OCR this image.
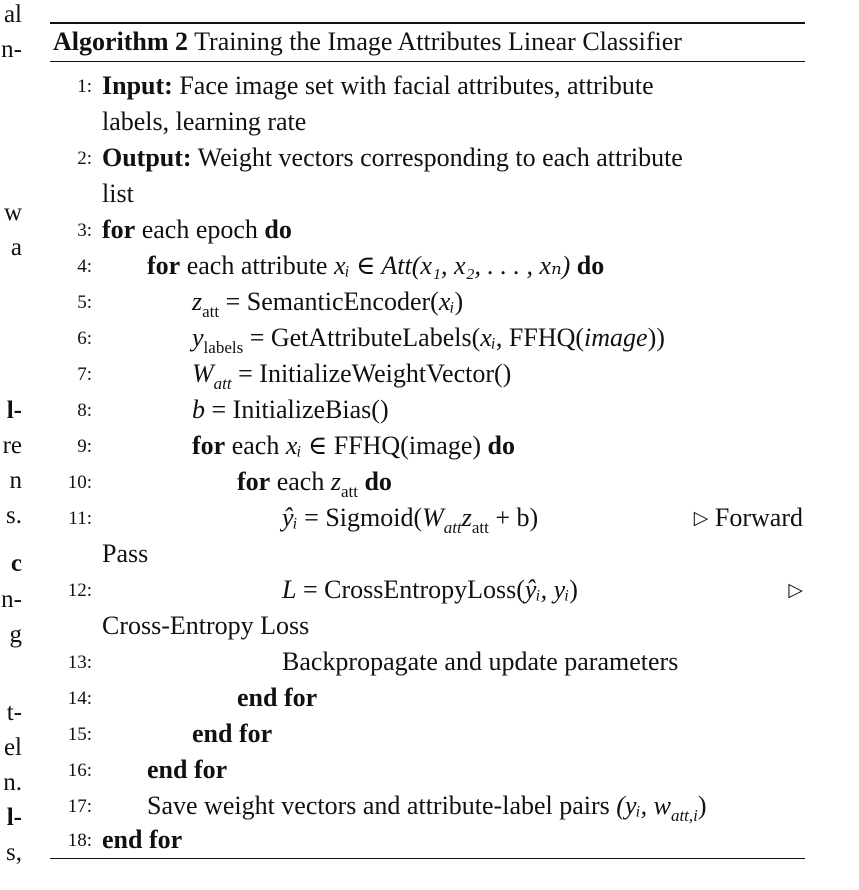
al
n-
w
a
l-
re
n
s.
c
n-
g
t-
el
n.
l-
s,
Algorithm 2 Training the Image Attributes Linear Classifier
1: Input: Face image set with facial attributes, attribute
labels, learning rate
2: Output: Weight vectors corresponding to each attribute
list
3: for each epoch do
4: for each attribute xᵢ ∈ Att(x₁, x₂, . . . , xₙ) do
5:	$z_{att}$ = SemanticEncoder(xᵢ)
6:	$y_{labels}$ = GetAttributeLabels(xᵢ, FFHQ(image))
7:	$W_{att}$ = InitializeWeightVector()
8:	b = InitializeBias()
9:	for each xᵢ ∈ FFHQ(image) do
10:	for each $z_{att}$ do
11:	ŷᵢ = $Sigmoid(W_{att}z_{att} + b)$	▷ Forward
Pass
12:	L = CrossEntropyLoss(ŷᵢ, yᵢ)	▷
Cross-Entropy Loss
13:	Backpropagate and update parameters
14:	end for
15:	end for
16: end for
17: Save weight vectors and attribute-label pairs (yᵢ, $w_{att,i}$)
18: end for
